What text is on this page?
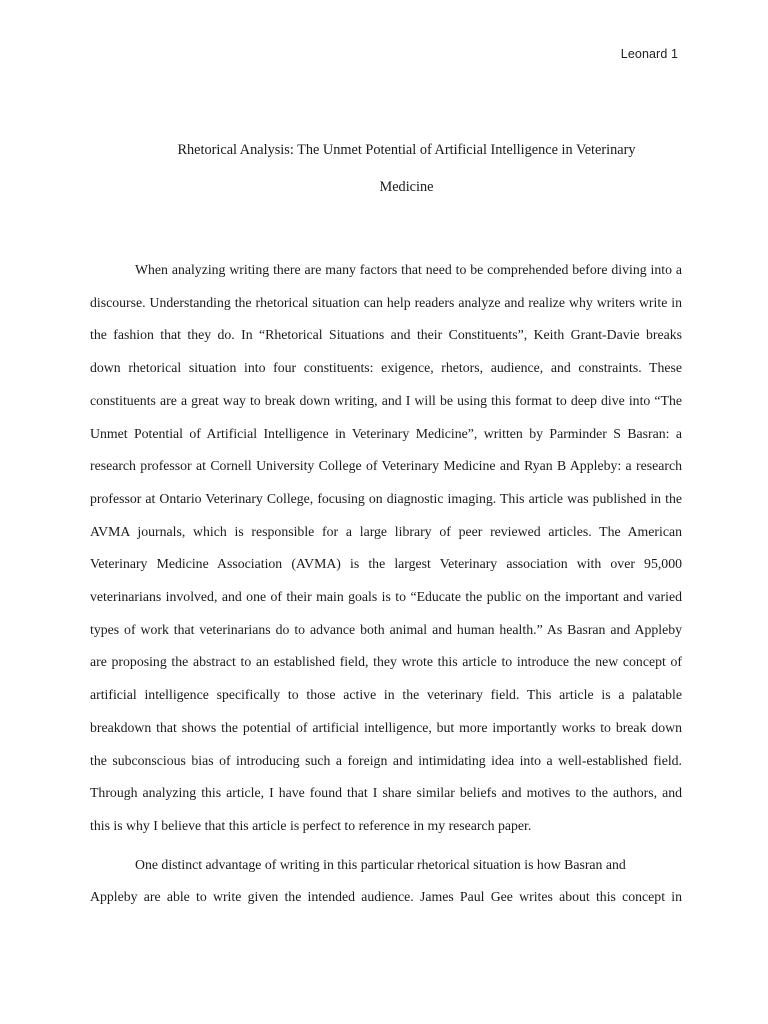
Leonard 1
Rhetorical Analysis: The Unmet Potential of Artificial Intelligence in Veterinary
Medicine
When analyzing writing there are many factors that need to be comprehended before diving into a
discourse. Understanding the rhetorical situation can help readers analyze and realize why writers write in
the fashion that they do. In “Rhetorical Situations and their Constituents”, Keith Grant-Davie breaks
down rhetorical situation into four constituents: exigence, rhetors, audience, and constraints. These
constituents are a great way to break down writing, and I will be using this format to deep dive into “The
Unmet Potential of Artificial Intelligence in Veterinary Medicine”, written by Parminder S Basran: a
research professor at Cornell University College of Veterinary Medicine and Ryan B Appleby: a research
professor at Ontario Veterinary College, focusing on diagnostic imaging. This article was published in the
AVMA journals, which is responsible for a large library of peer reviewed articles. The American
Veterinary Medicine Association (AVMA) is the largest Veterinary association with over 95,000
veterinarians involved, and one of their main goals is to “Educate the public on the important and varied
types of work that veterinarians do to advance both animal and human health.” As Basran and Appleby
are proposing the abstract to an established field, they wrote this article to introduce the new concept of
artificial intelligence specifically to those active in the veterinary field. This article is a palatable
breakdown that shows the potential of artificial intelligence, but more importantly works to break down
the subconscious bias of introducing such a foreign and intimidating idea into a well-established field.
Through analyzing this article, I have found that I share similar beliefs and motives to the authors, and
this is why I believe that this article is perfect to reference in my research paper.
One distinct advantage of writing in this particular rhetorical situation is how Basran and
Appleby are able to write given the intended audience. James Paul Gee writes about this concept in
